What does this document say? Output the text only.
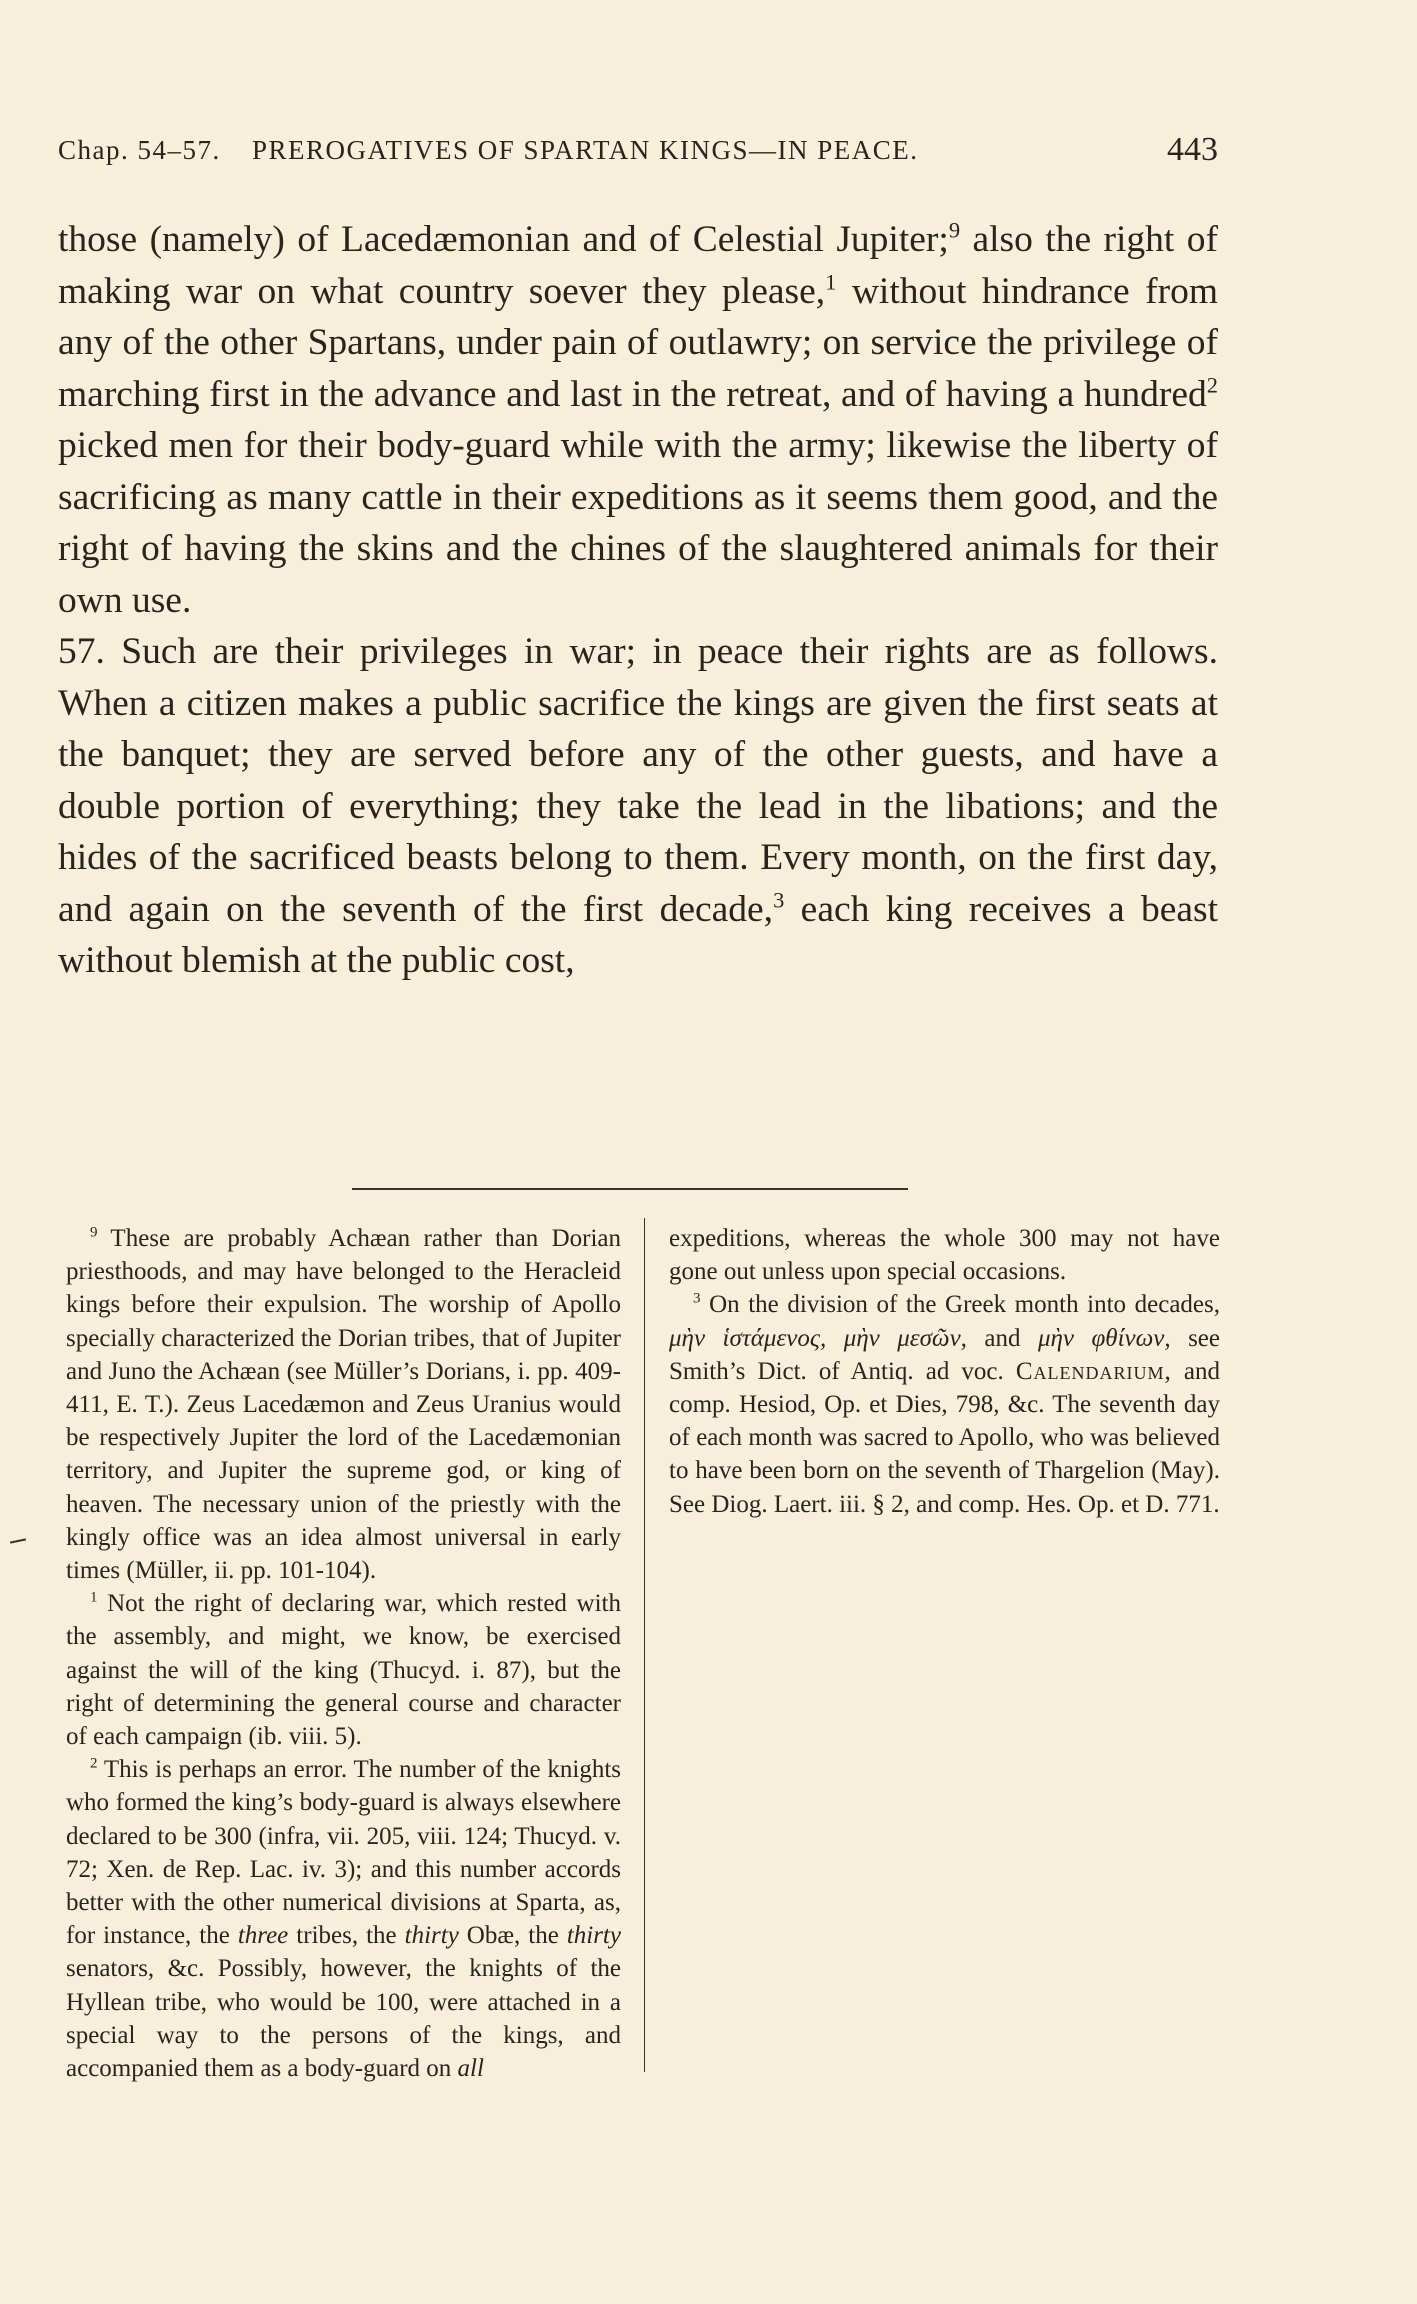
Chap. 54–57. PREROGATIVES OF SPARTAN KINGS—IN PEACE.	443

those (namely) of Lacedæmonian and of Celestial Jupiter;$^9$ also the right of making war on what country soever they please,$^1$ without hindrance from any of the other Spartans, under pain of outlawry; on service the privilege of marching first in the advance and last in the retreat, and of having a hundred$^2$ picked men for their body-guard while with the army; likewise the liberty of sacrificing as many cattle in their expeditions as it seems them good, and the right of having the skins and the chines of the slaughtered animals for their own use.

57. Such are their privileges in war; in peace their rights are as follows. When a citizen makes a public sacrifice the kings are given the first seats at the banquet; they are served before any of the other guests, and have a double portion of everything; they take the lead in the libations; and the hides of the sacrificed beasts belong to them. Every month, on the first day, and again on the seventh of the first decade,$^3$ each king receives a beast without blemish at the public cost,

$^9$ These are probably Achæan rather than Dorian priesthoods, and may have belonged to the Heracleid kings before their expulsion. The worship of Apollo specially characterized the Dorian tribes, that of Jupiter and Juno the Achæan (see Müller’s Dorians, i. pp. 409-411, E. T.). Zeus Lacedæmon and Zeus Uranius would be respectively Jupiter the lord of the Lacedæmonian territory, and Jupiter the supreme god, or king of heaven. The necessary union of the priestly with the kingly office was an idea almost universal in early times (Müller, ii. pp. 101-104).

$^1$ Not the right of declaring war, which rested with the assembly, and might, we know, be exercised against the will of the king (Thucyd. i. 87), but the right of determining the general course and character of each campaign (ib. viii. 5).

$^2$ This is perhaps an error. The number of the knights who formed the king’s body-guard is always elsewhere declared to be 300 (infra, vii. 205, viii. 124; Thucyd. v. 72; Xen. de Rep. Lac. iv. 3); and this number accords better with the other numerical divisions at Sparta, as, for instance, the three tribes, the thirty Obæ, the thirty senators, &c. Possibly, however, the knights of the Hyllean tribe, who would be 100, were attached in a special way to the persons of the kings, and accompanied them as a body-guard on all

expeditions, whereas the whole 300 may not have gone out unless upon special occasions.

$^3$ On the division of the Greek month into decades, μὴν ἱστάμενος, μὴν μεσῶν, and μὴν φθίνων, see Smith’s Dict. of Antiq. ad voc. Calendarium, and comp. Hesiod, Op. et Dies, 798, &c. The seventh day of each month was sacred to Apollo, who was believed to have been born on the seventh of Thargelion (May). See Diog. Laert. iii. § 2, and comp. Hes. Op. et D. 771.
